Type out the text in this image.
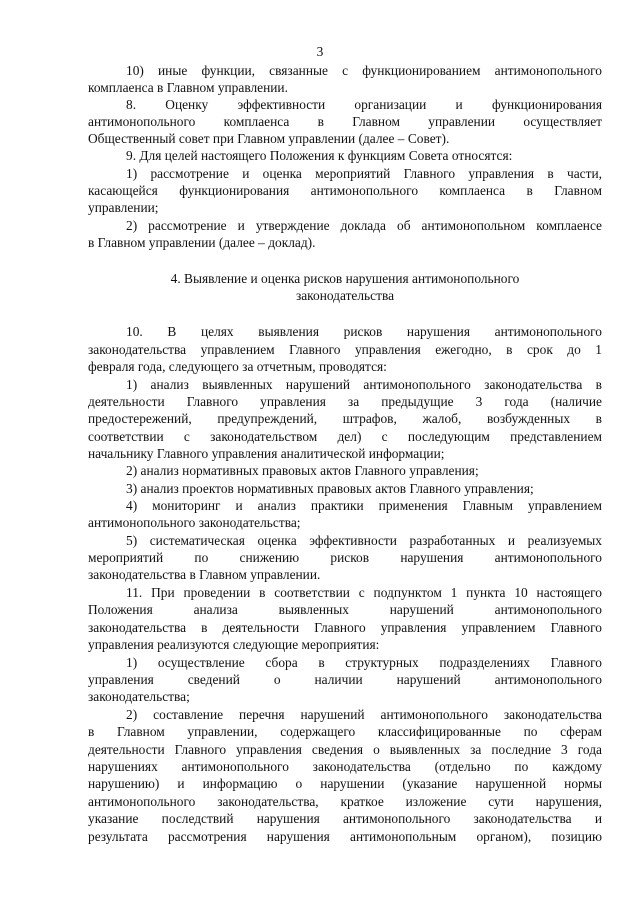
3
10) иные функции, связанные с функционированием антимонопольного
комплаенса в Главном управлении.
8. Оценку эффективности организации и функционирования
антимонопольного комплаенса в Главном управлении осуществляет
Общественный совет при Главном управлении (далее – Совет).
9. Для целей настоящего Положения к функциям Совета относятся:
1) рассмотрение и оценка мероприятий Главного управления в части,
касающейся функционирования антимонопольного комплаенса в Главном
управлении;
2) рассмотрение и утверждение доклада об антимонопольном комплаенсе
в Главном управлении (далее – доклад).
4. Выявление и оценка рисков нарушения антимонопольного
законодательства
10. В целях выявления рисков нарушения антимонопольного
законодательства управлением Главного управления ежегодно, в срок до 1
февраля года, следующего за отчетным, проводятся:
1) анализ выявленных нарушений антимонопольного законодательства в
деятельности Главного управления за предыдущие 3 года (наличие
предостережений, предупреждений, штрафов, жалоб, возбужденных в
соответствии с законодательством дел) с последующим представлением
начальнику Главного управления аналитической информации;
2) анализ нормативных правовых актов Главного управления;
3) анализ проектов нормативных правовых актов Главного управления;
4) мониторинг и анализ практики применения Главным управлением
антимонопольного законодательства;
5) систематическая оценка эффективности разработанных и реализуемых
мероприятий по снижению рисков нарушения антимонопольного
законодательства в Главном управлении.
11. При проведении в соответствии с подпунктом 1 пункта 10 настоящего
Положения анализа выявленных нарушений антимонопольного
законодательства в деятельности Главного управления управлением Главного
управления реализуются следующие мероприятия:
1) осуществление сбора в структурных подразделениях Главного
управления сведений о наличии нарушений антимонопольного
законодательства;
2) составление перечня нарушений антимонопольного законодательства
в Главном управлении, содержащего классифицированные по сферам
деятельности Главного управления сведения о выявленных за последние 3 года
нарушениях антимонопольного законодательства (отдельно по каждому
нарушению) и информацию о нарушении (указание нарушенной нормы
антимонопольного законодательства, краткое изложение сути нарушения,
указание последствий нарушения антимонопольного законодательства и
результата рассмотрения нарушения антимонопольным органом), позицию
